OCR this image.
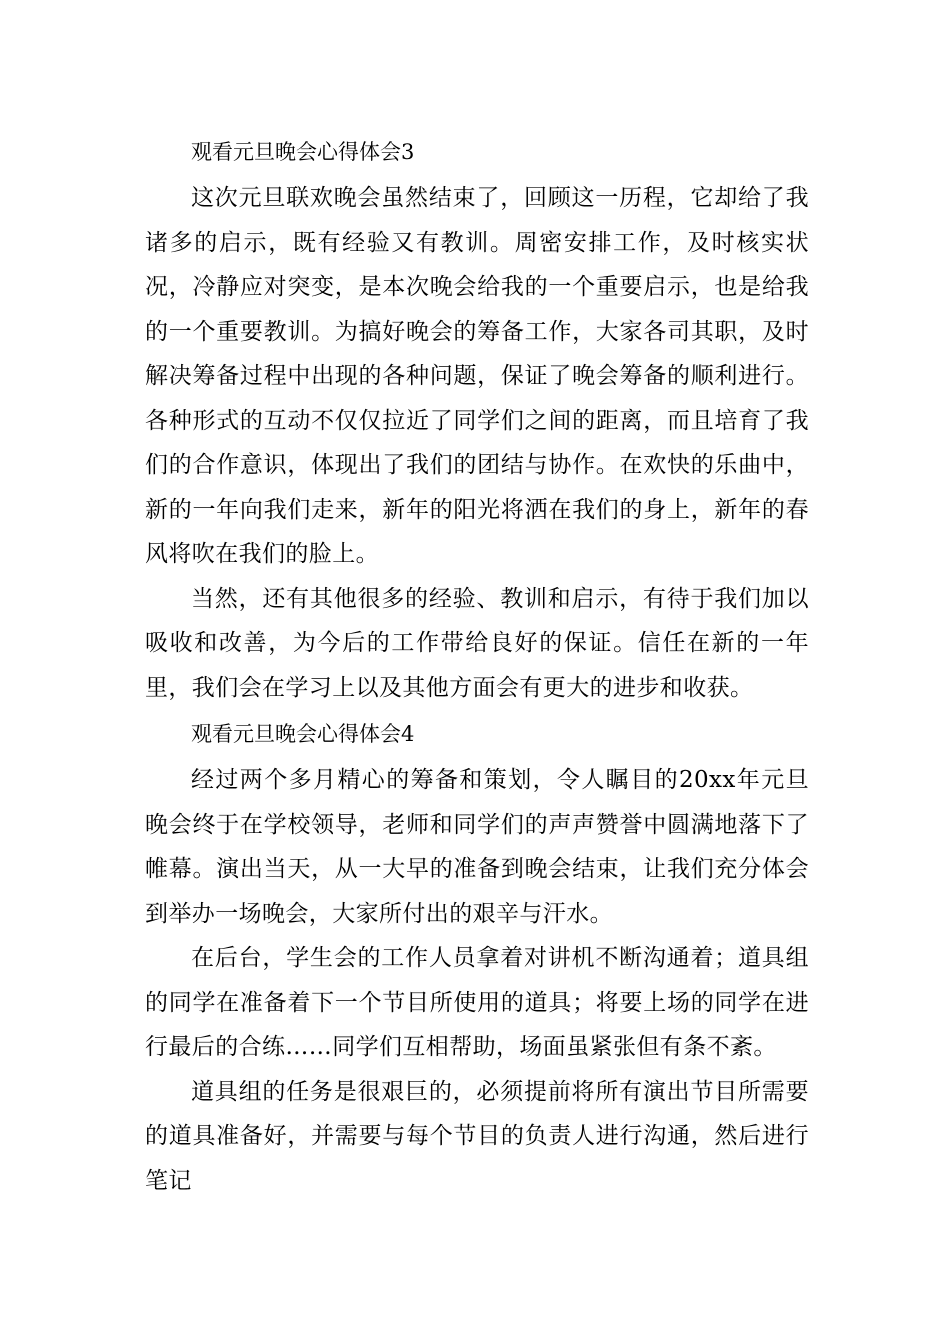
观看元旦晚会心得体会3

这次元旦联欢晚会虽然结束了，回顾这一历程，它却给了我诸多的启示，既有经验又有教训。周密安排工作，及时核实状况，冷静应对突变，是本次晚会给我的一个重要启示，也是给我的一个重要教训。为搞好晚会的筹备工作，大家各司其职，及时解决筹备过程中出现的各种问题，保证了晚会筹备的顺利进行。各种形式的互动不仅仅拉近了同学们之间的距离，而且培育了我们的合作意识，体现出了我们的团结与协作。在欢快的乐曲中，新的一年向我们走来，新年的阳光将洒在我们的身上，新年的春风将吹在我们的脸上。

当然，还有其他很多的经验、教训和启示，有待于我们加以吸收和改善，为今后的工作带给良好的保证。信任在新的一年里，我们会在学习上以及其他方面会有更大的进步和收获。

观看元旦晚会心得体会4

经过两个多月精心的筹备和策划，令人瞩目的20xx年元旦晚会终于在学校领导，老师和同学们的声声赞誉中圆满地落下了帷幕。演出当天，从一大早的准备到晚会结束，让我们充分体会到举办一场晚会，大家所付出的艰辛与汗水。

在后台，学生会的工作人员拿着对讲机不断沟通着；道具组的同学在准备着下一个节目所使用的道具；将要上场的同学在进行最后的合练……同学们互相帮助，场面虽紧张但有条不紊。

道具组的任务是很艰巨的，必须提前将所有演出节目所需要的道具准备好，并需要与每个节目的负责人进行沟通，然后进行笔记
